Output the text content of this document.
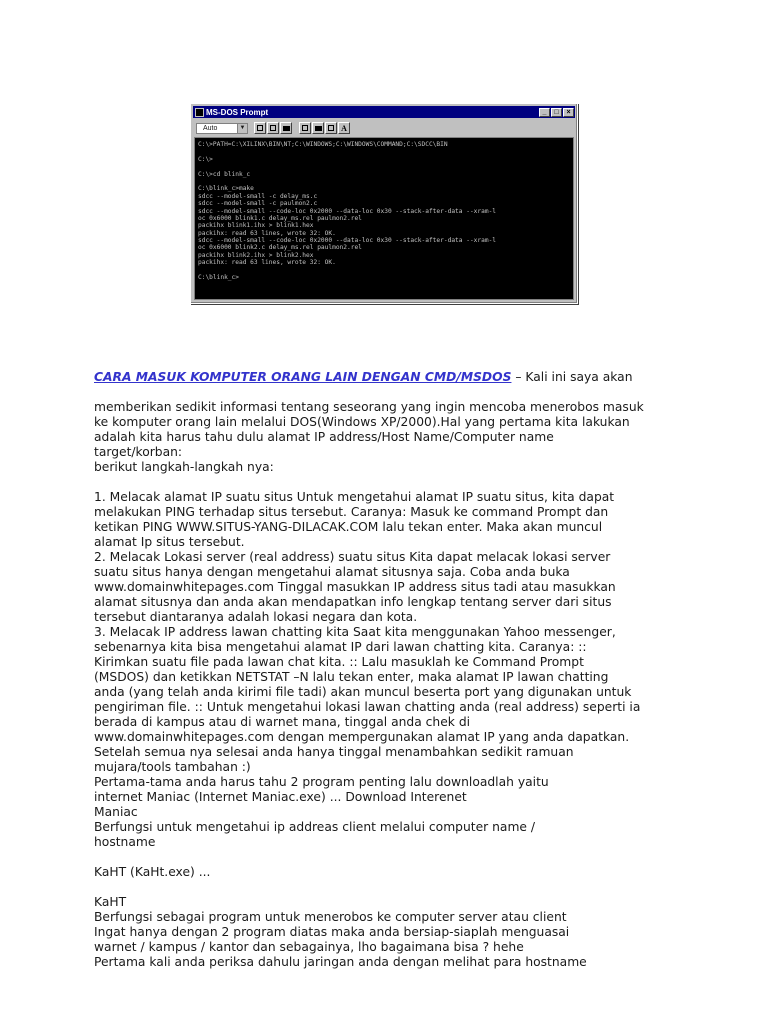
MS-DOS Prompt	_	□	×
Auto	▼	A
C:\>PATH=C:\XILINX\BIN\NT;C:\WINDOWS;C:\WINDOWS\COMMAND;C:\SDCC\BIN
C:\>
C:\>cd blink_c
C:\blink_c>make
sdcc --model-small -c delay_ms.c
sdcc --model-small -c paulmon2.c
sdcc --model-small --code-loc 0x2000 --data-loc 0x30 --stack-after-data --xram-l
oc 0x6000 blink1.c delay_ms.rel paulmon2.rel
packihx blink1.ihx > blink1.hex
packihx: read 63 lines, wrote 32: OK.
sdcc --model-small --code-loc 0x2000 --data-loc 0x30 --stack-after-data --xram-l
oc 0x6000 blink2.c delay_ms.rel paulmon2.rel
packihx blink2.ihx > blink2.hex
packihx: read 63 lines, wrote 32: OK.
C:\blink_c>

CARA MASUK KOMPUTER ORANG LAIN DENGAN CMD/MSDOS – Kali ini saya akan

memberikan sedikit informasi tentang seseorang yang ingin mencoba menerobos masuk
ke komputer orang lain melalui DOS(Windows XP/2000).Hal yang pertama kita lakukan
adalah kita harus tahu dulu alamat IP address/Host Name/Computer name
target/korban:
berikut langkah-langkah nya:
1. Melacak alamat IP suatu situs Untuk mengetahui alamat IP suatu situs, kita dapat
melakukan PING terhadap situs tersebut. Caranya: Masuk ke command Prompt dan
ketikan PING WWW.SITUS-YANG-DILACAK.COM lalu tekan enter. Maka akan muncul
alamat Ip situs tersebut.
2. Melacak Lokasi server (real address) suatu situs Kita dapat melacak lokasi server
suatu situs hanya dengan mengetahui alamat situsnya saja. Coba anda buka
www.domainwhitepages.com Tinggal masukkan IP address situs tadi atau masukkan
alamat situsnya dan anda akan mendapatkan info lengkap tentang server dari situs
tersebut diantaranya adalah lokasi negara dan kota.
3. Melacak IP address lawan chatting kita Saat kita menggunakan Yahoo messenger,
sebenarnya kita bisa mengetahui alamat IP dari lawan chatting kita. Caranya: ::
Kirimkan suatu file pada lawan chat kita. :: Lalu masuklah ke Command Prompt
(MSDOS) dan ketikkan NETSTAT –N lalu tekan enter, maka alamat IP lawan chatting
anda (yang telah anda kirimi file tadi) akan muncul beserta port yang digunakan untuk
pengiriman file. :: Untuk mengetahui lokasi lawan chatting anda (real address) seperti ia
berada di kampus atau di warnet mana, tinggal anda chek di
www.domainwhitepages.com dengan mempergunakan alamat IP yang anda dapatkan.
Setelah semua nya selesai anda hanya tinggal menambahkan sedikit ramuan
mujara/tools tambahan :)
Pertama-tama anda harus tahu 2 program penting lalu downloadlah yaitu
internet Maniac (Internet Maniac.exe) ... Download Interenet
Maniac
Berfungsi untuk mengetahui ip addreas client melalui computer name /
hostname
KaHT (KaHt.exe) ...
KaHT
Berfungsi sebagai program untuk menerobos ke computer server atau client
Ingat hanya dengan 2 program diatas maka anda bersiap-siaplah menguasai
warnet / kampus / kantor dan sebagainya, lho bagaimana bisa ? hehe
Pertama kali anda periksa dahulu jaringan anda dengan melihat para hostname
